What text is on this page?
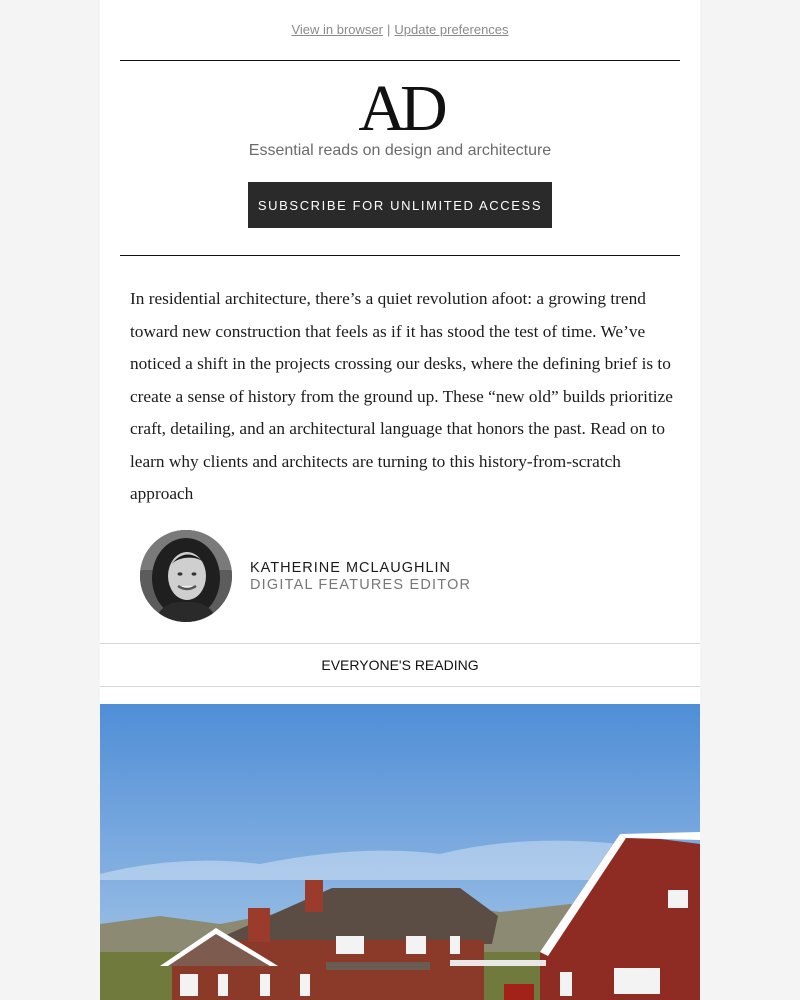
View in browser | Update preferences
AD
Essential reads on design and architecture
SUBSCRIBE FOR UNLIMITED ACCESS

In residential architecture, there’s a quiet revolution afoot: a growing trend toward new construction that feels as if it has stood the test of time. We’ve noticed a shift in the projects crossing our desks, where the defining brief is to create a sense of history from the ground up. These “new old” builds prioritize craft, detailing, and an architectural language that honors the past. Read on to learn why clients and architects are turning to this history-from-scratch approach

KATHERINE MCLAUGHLIN
DIGITAL FEATURES EDITOR
EVERYONE'S READING
